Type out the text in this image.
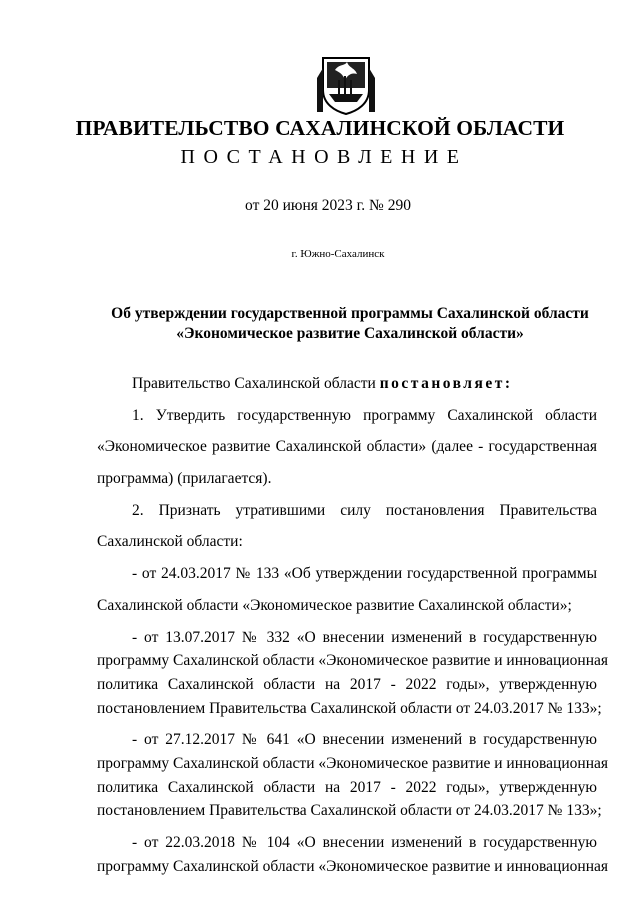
ПРАВИТЕЛЬСТВО САХАЛИНСКОЙ ОБЛАСТИ
ПОСТАНОВЛЕНИЕ
от 20 июня 2023 г. № 290
г. Южно-Сахалинск
Об утверждении государственной программы Сахалинской области
«Экономическое развитие Сахалинской области»
Правительство Сахалинской области постановляет:
1. Утвердить государственную программу Сахалинской области
«Экономическое развитие Сахалинской области» (далее - государственная
программа) (прилагается).
2. Признать утратившими силу постановления Правительства
Сахалинской области:
- от 24.03.2017 № 133 «Об утверждении государственной программы
Сахалинской области «Экономическое развитие Сахалинской области»;
- от 13.07.2017 № 332 «О внесении изменений в государственную
программу Сахалинской области «Экономическое развитие и инновационная
политика Сахалинской области на 2017 - 2022 годы», утвержденную
постановлением Правительства Сахалинской области от 24.03.2017 № 133»;
- от 27.12.2017 № 641 «О внесении изменений в государственную
программу Сахалинской области «Экономическое развитие и инновационная
политика Сахалинской области на 2017 - 2022 годы», утвержденную
постановлением Правительства Сахалинской области от 24.03.2017 № 133»;
- от 22.03.2018 № 104 «О внесении изменений в государственную
программу Сахалинской области «Экономическое развитие и инновационная
